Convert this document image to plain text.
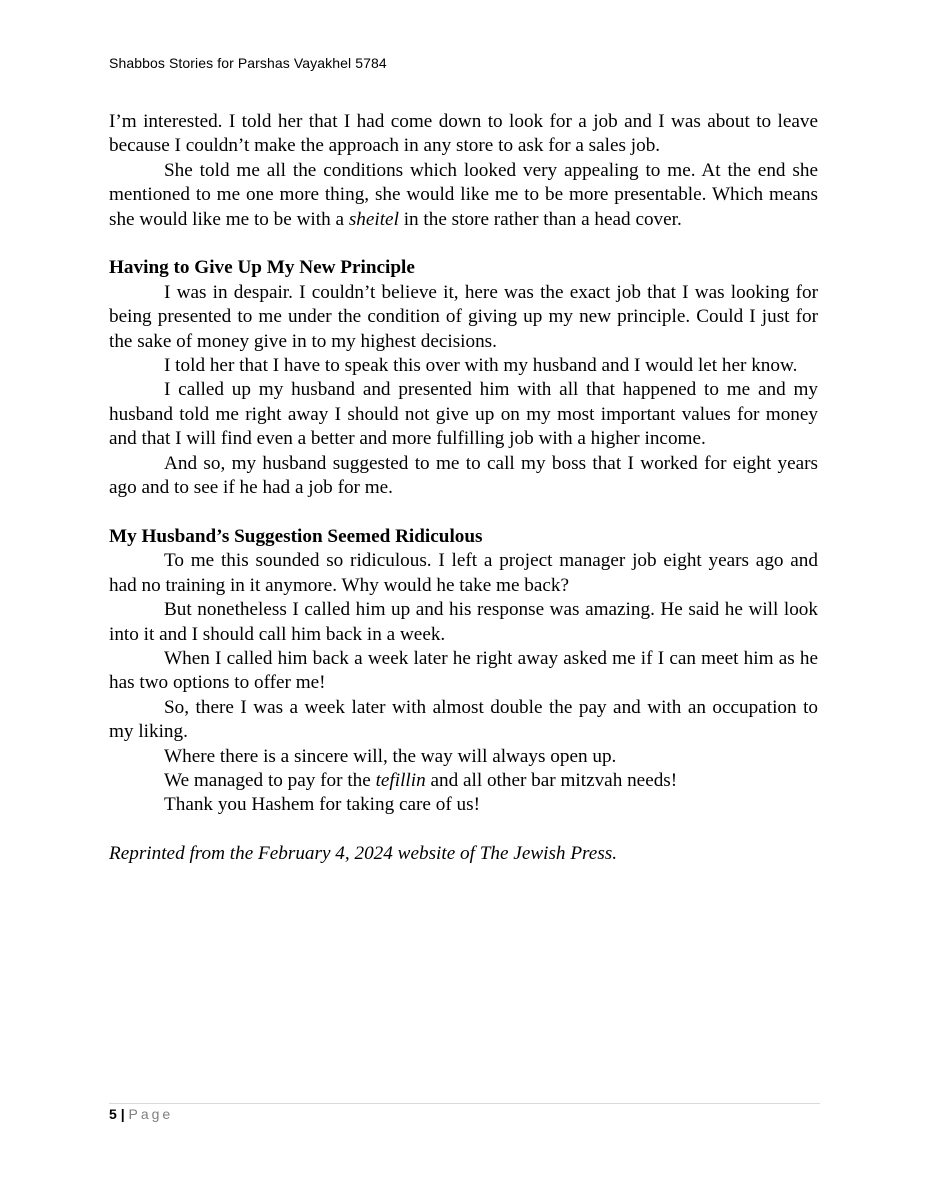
Shabbos Stories for Parshas Vayakhel 5784

I’m interested. I told her that I had come down to look for a job and I was about to leave because I couldn’t make the approach in any store to ask for a sales job.

She told me all the conditions which looked very appealing to me. At the end she mentioned to me one more thing, she would like me to be more presentable. Which means she would like me to be with a sheitel in the store rather than a head cover.

Having to Give Up My New Principle

I was in despair. I couldn’t believe it, here was the exact job that I was looking for being presented to me under the condition of giving up my new principle. Could I just for the sake of money give in to my highest decisions.

I told her that I have to speak this over with my husband and I would let her know.

I called up my husband and presented him with all that happened to me and my husband told me right away I should not give up on my most important values for money and that I will find even a better and more fulfilling job with a higher income.

And so, my husband suggested to me to call my boss that I worked for eight years ago and to see if he had a job for me.

My Husband’s Suggestion Seemed Ridiculous

To me this sounded so ridiculous. I left a project manager job eight years ago and had no training in it anymore. Why would he take me back?

But nonetheless I called him up and his response was amazing. He said he will look into it and I should call him back in a week.

When I called him back a week later he right away asked me if I can meet him as he has two options to offer me!

So, there I was a week later with almost double the pay and with an occupation to my liking.

Where there is a sincere will, the way will always open up.

We managed to pay for the tefillin and all other bar mitzvah needs!

Thank you Hashem for taking care of us!

Reprinted from the February 4, 2024 website of The Jewish Press.

5 | Page
